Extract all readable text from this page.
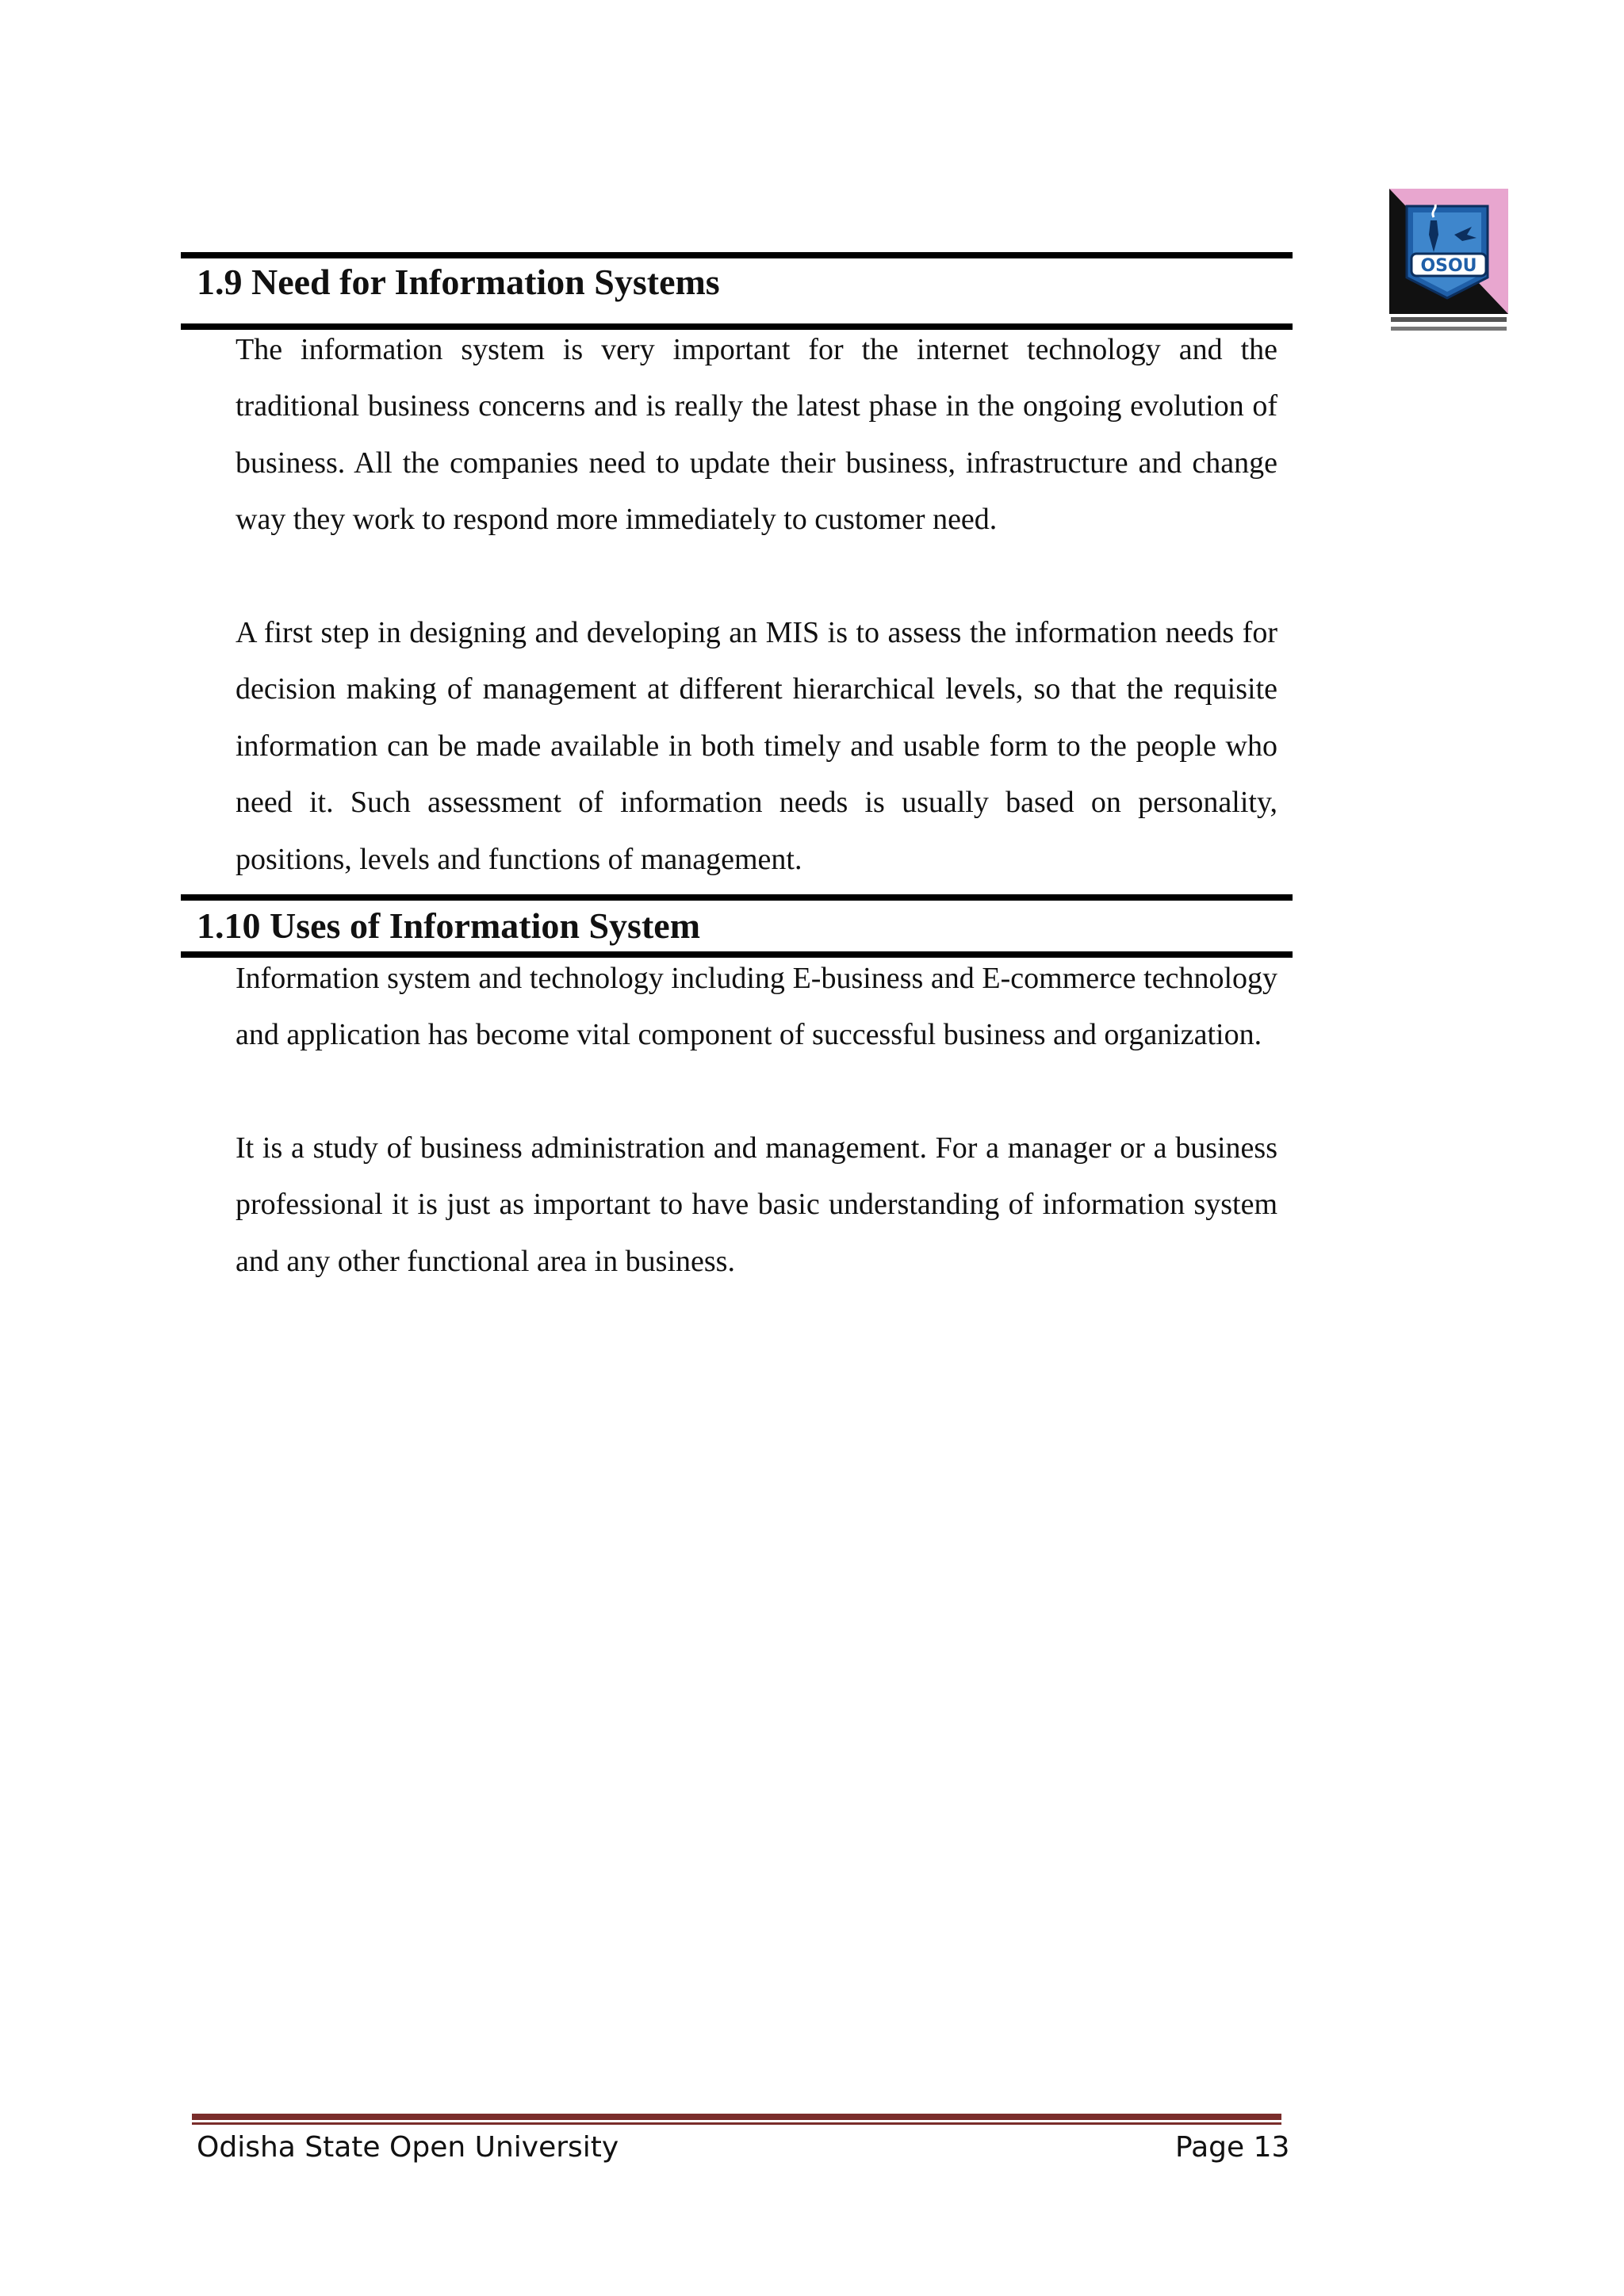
OSOU
1.9 Need for Information Systems

The information system is very important for the internet technology and the traditional business concerns and is really the latest phase in the ongoing evolution of business. All the companies need to update their business, infrastructure and change way they work to respond more immediately to customer need.

A first step in designing and developing an MIS is to assess the information needs for decision making of management at different hierarchical levels, so that the requisite information can be made available in both timely and usable form to the people who need it. Such assessment of information needs is usually based on personality, positions, levels and functions of management.

1.10 Uses of Information System

Information system and technology including E-business and E-commerce technology and application has become vital component of successful business and organization.

It is a study of business administration and management. For a manager or a business professional it is just as important to have basic understanding of information system and any other functional area in business.

Odisha State Open University	Page 13
